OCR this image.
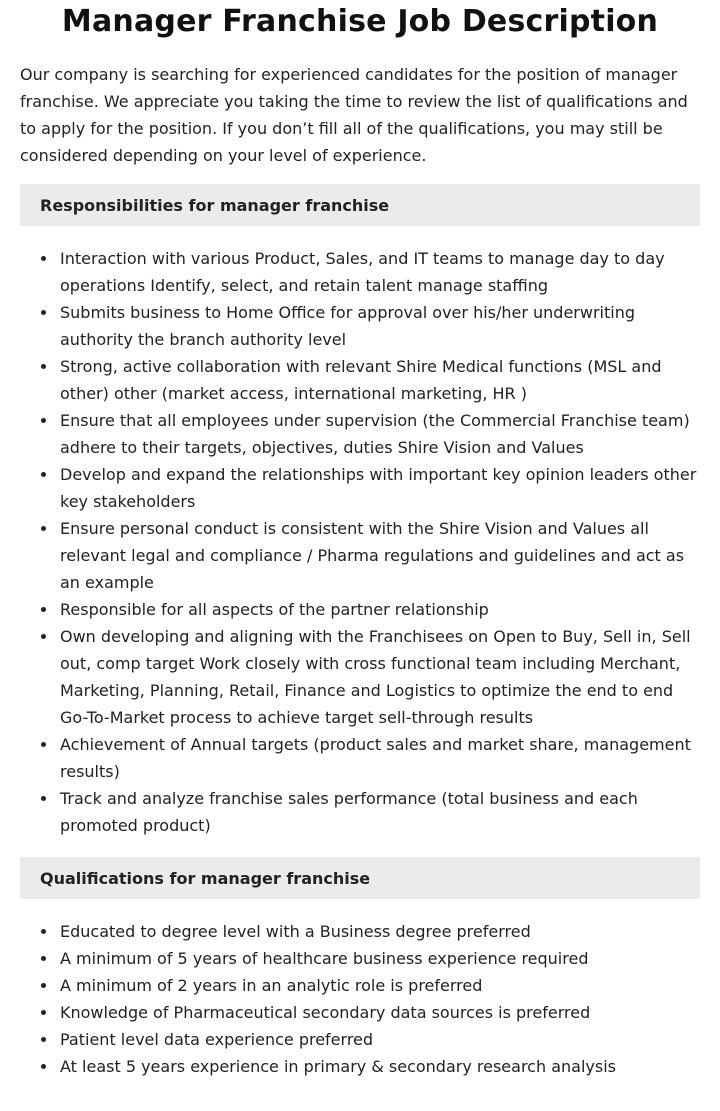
Manager Franchise Job Description

Our company is searching for experienced candidates for the position of manager franchise. We appreciate you taking the time to review the list of qualifications and to apply for the position. If you don’t fill all of the qualifications, you may still be considered depending on your level of experience.

Responsibilities for manager franchise
Interaction with various Product, Sales, and IT teams to manage day to day operations Identify, select, and retain talent manage staffing
Submits business to Home Office for approval over his/her underwriting authority the branch authority level
Strong, active collaboration with relevant Shire Medical functions (MSL and other) other (market access, international marketing, HR )
Ensure that all employees under supervision (the Commercial Franchise team) adhere to their targets, objectives, duties Shire Vision and Values
Develop and expand the relationships with important key opinion leaders other key stakeholders
Ensure personal conduct is consistent with the Shire Vision and Values all relevant legal and compliance / Pharma regulations and guidelines and act as an example
Responsible for all aspects of the partner relationship
Own developing and aligning with the Franchisees on Open to Buy, Sell in, Sell out, comp target Work closely with cross functional team including Merchant, Marketing, Planning, Retail, Finance and Logistics to optimize the end to end Go-To-Market process to achieve target sell-through results
Achievement of Annual targets (product sales and market share, management results)
Track and analyze franchise sales performance (total business and each promoted product)
Qualifications for manager franchise
Educated to degree level with a Business degree preferred
A minimum of 5 years of healthcare business experience required
A minimum of 2 years in an analytic role is preferred
Knowledge of Pharmaceutical secondary data sources is preferred
Patient level data experience preferred
At least 5 years experience in primary & secondary research analysis
